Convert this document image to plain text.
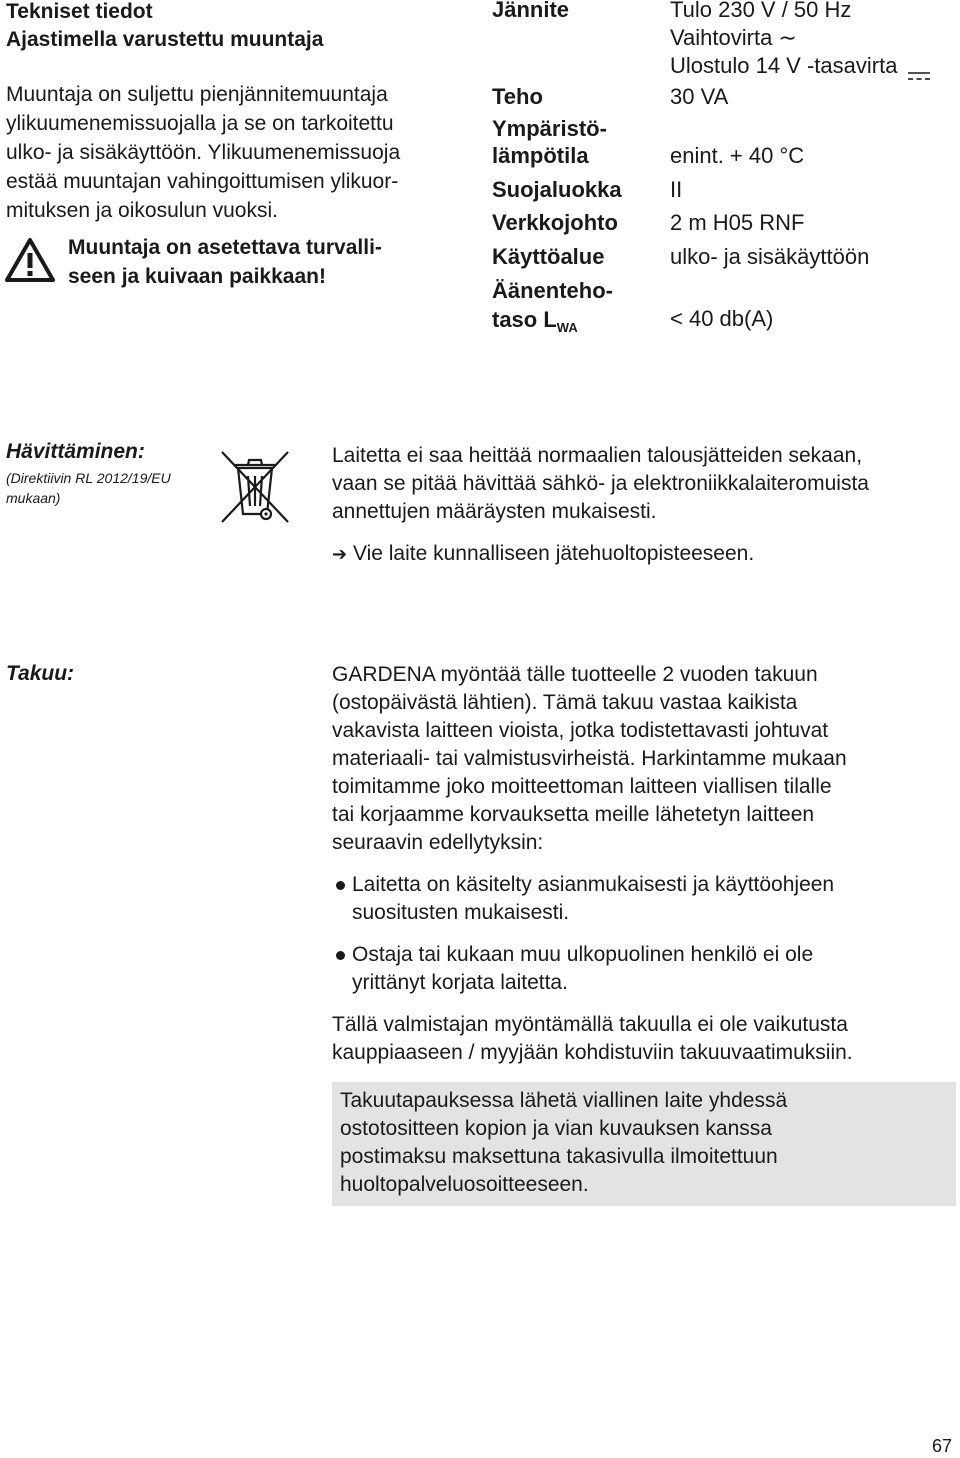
Tekniset tiedot
Ajastimella varustettu muuntaja
Muuntaja on suljettu pienjännitemuuntaja
ylikuumenemissuojalla ja se on tarkoitettu
ulko- ja sisäkäyttöön. Ylikuumenemissuoja
estää muuntajan vahingoittumisen ylikuor-
mituksen ja oikosulun vuoksi.
Muuntaja on asetettava turvalli-
seen ja kuivaan paikkaan!
Jännite	Tulo 230 V / 50 Hz
Vaihtovirta ∼
Ulostulo 14 V -tasavirta
Teho	30 VA
Ympäristö-
lämpötila	enint. + 40 °C
Suojaluokka II
Verkkojohto 2 m H05 RNF
Käyttöalue	ulko- ja sisäkäyttöön
Äänenteho-
taso $L_{WA}$	< 40 db(A)
Hävittäminen:
(Direktiivin RL 2012/19/EU
mukaan)
Laitetta ei saa heittää normaalien talousjätteiden sekaan,
vaan se pitää hävittää sähkö- ja elektroniikkalaiteromuista
annettujen määräysten mukaisesti.
➔ Vie laite kunnalliseen jätehuoltopisteeseen.
Takuu:	GARDENA myöntää tälle tuotteelle 2 vuoden takuun
(ostopäivästä lähtien). Tämä takuu vastaa kaikista
vakavista laitteen vioista, jotka todistettavasti johtuvat
materiaali- tai valmistusvirheistä. Harkintamme mukaan
toimitamme joko moitteettoman laitteen viallisen tilalle
tai korjaamme korvauksetta meille lähetetyn laitteen
seuraavin edellytyksin:
Laitetta on käsitelty asianmukaisesti ja käyttöohjeen
suositusten mukaisesti.
Ostaja tai kukaan muu ulkopuolinen henkilö ei ole
yrittänyt korjata laitetta.
Tällä valmistajan myöntämällä takuulla ei ole vaikutusta
kauppiaaseen / myyjään kohdistuviin takuuvaatimuksiin.
Takuutapauksessa lähetä viallinen laite yhdessä
ostotositteen kopion ja vian kuvauksen kanssa
postimaksu maksettuna takasivulla ilmoitettuun
huoltopalveluosoitteeseen.
67
